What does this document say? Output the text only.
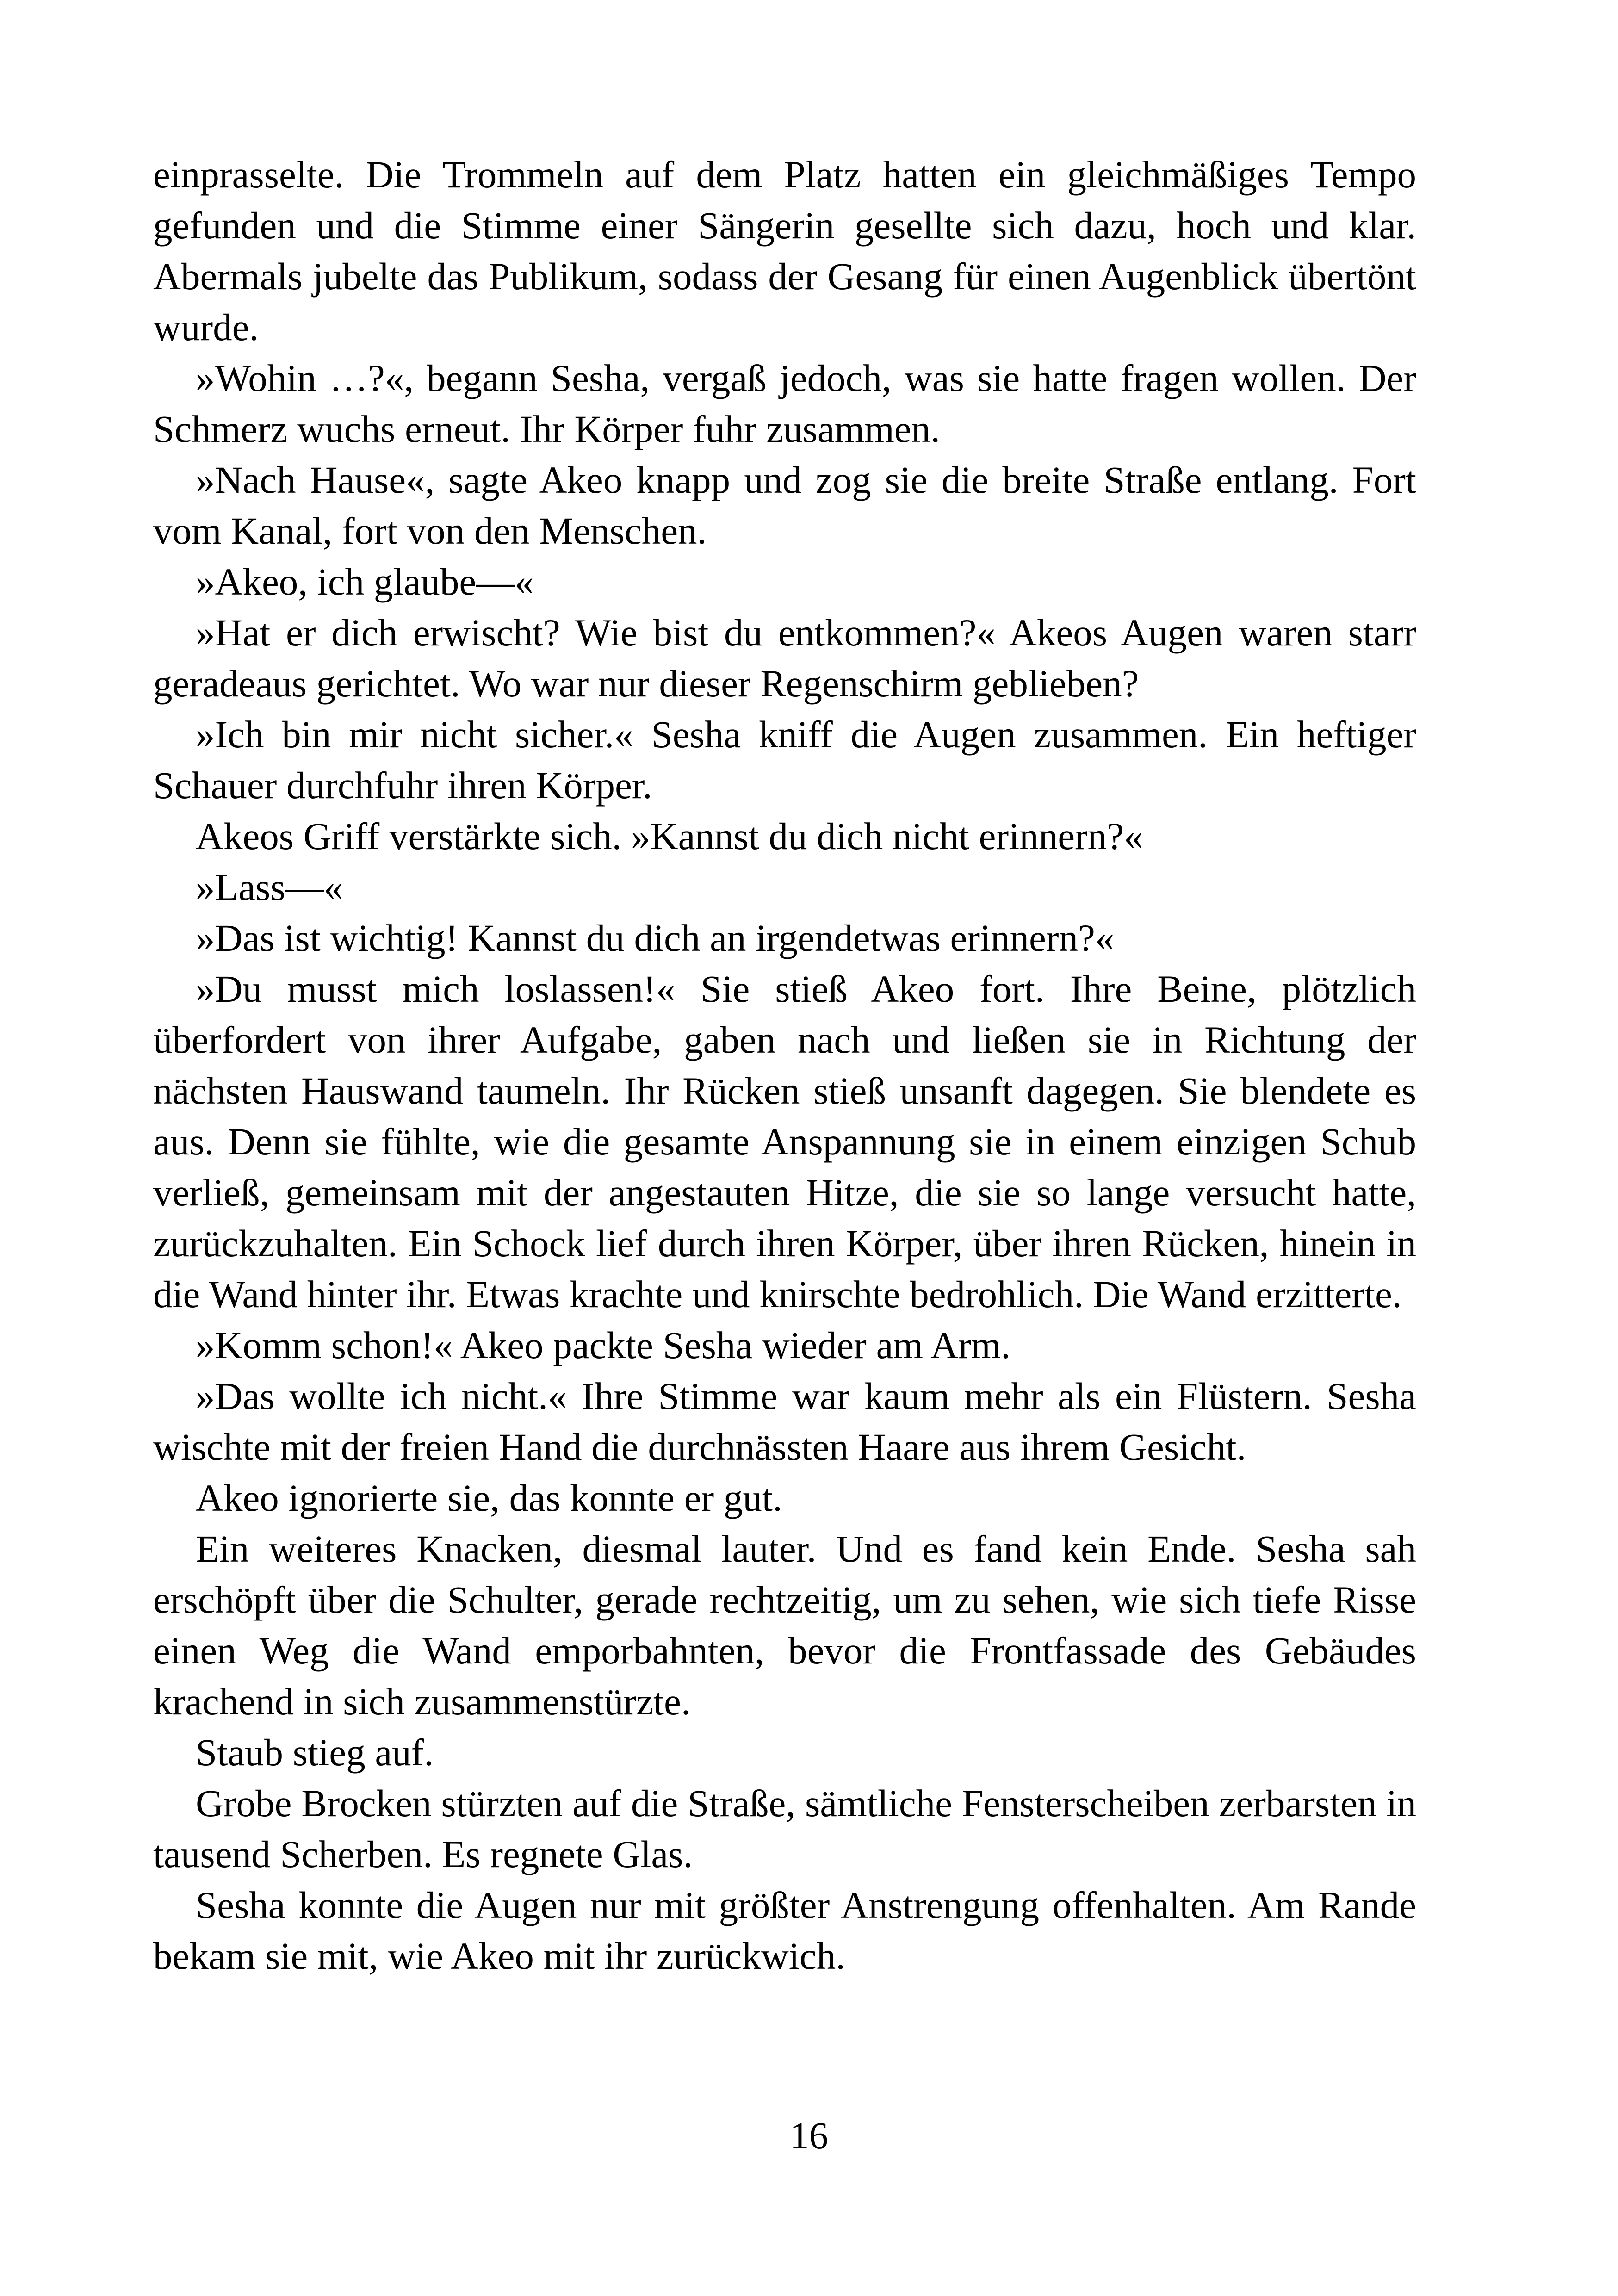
einprasselte. Die Trommeln auf dem Platz hatten ein gleichmäßiges Tempo gefunden und die Stimme einer Sängerin gesellte sich dazu, hoch und klar. Abermals jubelte das Publikum, sodass der Gesang für einen Augenblick übertönt wurde.

»Wohin …?«, begann Sesha, vergaß jedoch, was sie hatte fragen wollen. Der Schmerz wuchs erneut. Ihr Körper fuhr zusammen.

»Nach Hause«, sagte Akeo knapp und zog sie die breite Straße entlang. Fort vom Kanal, fort von den Menschen.

»Akeo, ich glaube—«

»Hat er dich erwischt? Wie bist du entkommen?« Akeos Augen waren starr geradeaus gerichtet. Wo war nur dieser Regenschirm geblieben?

»Ich bin mir nicht sicher.« Sesha kniff die Augen zusammen. Ein heftiger Schauer durchfuhr ihren Körper.

Akeos Griff verstärkte sich. »Kannst du dich nicht erinnern?«

»Lass—«

»Das ist wichtig! Kannst du dich an irgendetwas erinnern?«

»Du musst mich loslassen!« Sie stieß Akeo fort. Ihre Beine, plötzlich überfordert von ihrer Aufgabe, gaben nach und ließen sie in Richtung der nächsten Hauswand taumeln. Ihr Rücken stieß unsanft dagegen. Sie blendete es aus. Denn sie fühlte, wie die gesamte Anspannung sie in einem einzigen Schub verließ, gemeinsam mit der angestauten Hitze, die sie so lange versucht hatte, zurückzuhalten. Ein Schock lief durch ihren Körper, über ihren Rücken, hinein in die Wand hinter ihr. Etwas krachte und knirschte bedrohlich. Die Wand erzitterte.

»Komm schon!« Akeo packte Sesha wieder am Arm.

»Das wollte ich nicht.« Ihre Stimme war kaum mehr als ein Flüstern. Sesha wischte mit der freien Hand die durchnässten Haare aus ihrem Gesicht.

Akeo ignorierte sie, das konnte er gut.

Ein weiteres Knacken, diesmal lauter. Und es fand kein Ende. Sesha sah erschöpft über die Schulter, gerade rechtzeitig, um zu sehen, wie sich tiefe Risse einen Weg die Wand emporbahnten, bevor die Frontfassade des Gebäudes krachend in sich zusammenstürzte.

Staub stieg auf.

Grobe Brocken stürzten auf die Straße, sämtliche Fensterscheiben zerbarsten in tausend Scherben. Es regnete Glas.

Sesha konnte die Augen nur mit größter Anstrengung offenhalten. Am Rande bekam sie mit, wie Akeo mit ihr zurückwich.

16
